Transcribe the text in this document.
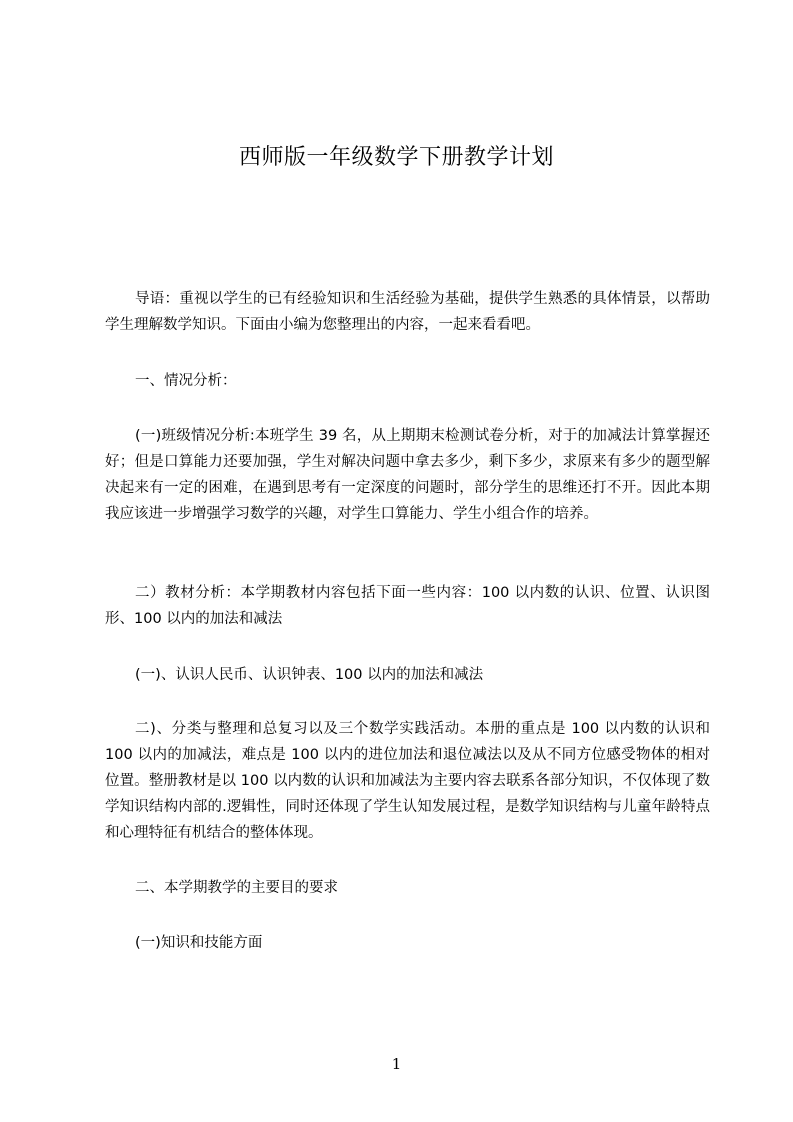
西师版一年级数学下册教学计划

导语：重视以学生的已有经验知识和生活经验为基础，提供学生熟悉的具体情景，以帮助学生理解数学知识。下面由小编为您整理出的内容，一起来看看吧。

一、情况分析：

(一)班级情况分析:本班学生 39 名，从上期期末检测试卷分析，对于的加减法计算掌握还好；但是口算能力还要加强，学生对解决问题中拿去多少，剩下多少，求原来有多少的题型解决起来有一定的困难，在遇到思考有一定深度的问题时，部分学生的思维还打不开。因此本期我应该进一步增强学习数学的兴趣，对学生口算能力、学生小组合作的培养。

二）教材分析：本学期教材内容包括下面一些内容：100 以内数的认识、位置、认识图形、100 以内的加法和减法

(一)、认识人民币、认识钟表、100 以内的加法和减法

二)、分类与整理和总复习以及三个数学实践活动。本册的重点是 100 以内数的认识和 100 以内的加减法，难点是 100 以内的进位加法和退位减法以及从不同方位感受物体的相对位置。整册教材是以 100 以内数的认识和加减法为主要内容去联系各部分知识，不仅体现了数学知识结构内部的.逻辑性，同时还体现了学生认知发展过程，是数学知识结构与儿童年龄特点和心理特征有机结合的整体体现。

二、本学期教学的主要目的要求

(一)知识和技能方面

1
